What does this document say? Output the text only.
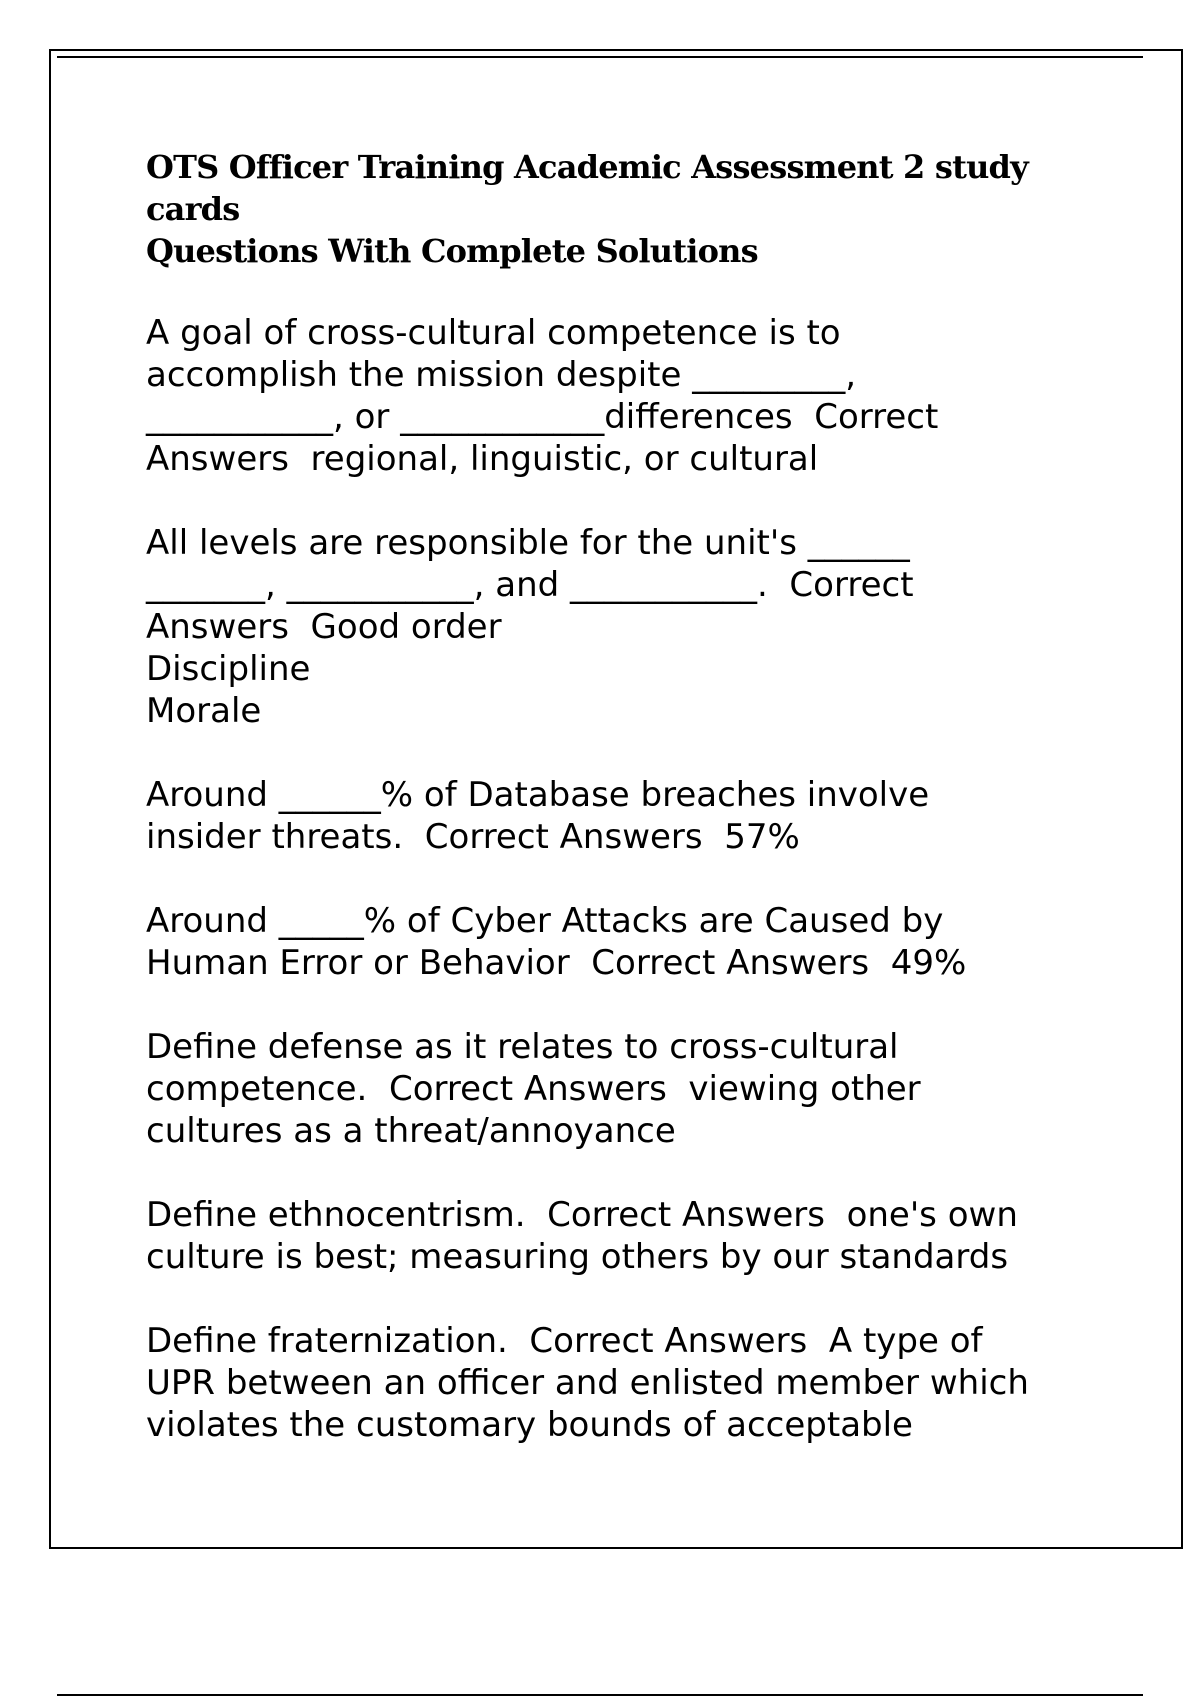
OTS Officer Training Academic Assessment 2 study cards
Questions With Complete Solutions
A goal of cross-cultural competence is to
accomplish the mission despite _________,
___________, or ____________differences  Correct
Answers  regional, linguistic, or cultural
All levels are responsible for the unit's ______
_______, ___________, and ___________.  Correct
Answers  Good order
Discipline
Morale
Around ______% of Database breaches involve
insider threats.  Correct Answers  57%
Around _____% of Cyber Attacks are Caused by
Human Error or Behavior  Correct Answers  49%
Define defense as it relates to cross-cultural
competence.  Correct Answers  viewing other
cultures as a threat/annoyance
Define ethnocentrism.  Correct Answers  one's own
culture is best; measuring others by our standards
Define fraternization.  Correct Answers  A type of
UPR between an officer and enlisted member which
violates the customary bounds of acceptable
